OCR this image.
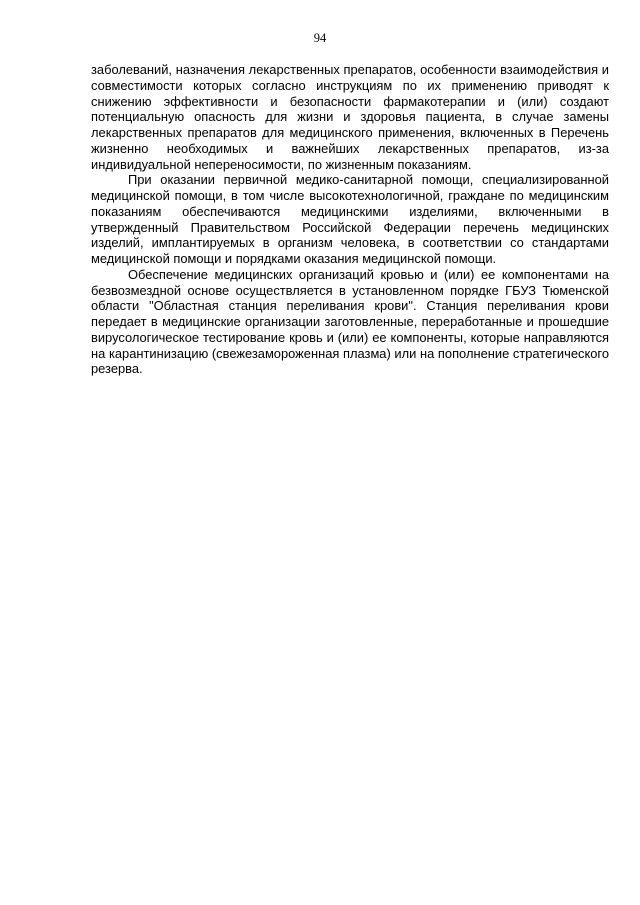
94

заболеваний, назначения лекарственных препаратов, особенности взаимодействия и совместимости которых согласно инструкциям по их применению приводят к снижению эффективности и безопасности фармакотерапии и (или) создают потенциальную опасность для жизни и здоровья пациента, в случае замены лекарственных препаратов для медицинского применения, включенных в Перечень жизненно необходимых и важнейших лекарственных препаратов, из-за индивидуальной непереносимости, по жизненным показаниям.

При оказании первичной медико-санитарной помощи, специализированной медицинской помощи, в том числе высокотехнологичной, граждане по медицинским показаниям обеспечиваются медицинскими изделиями, включенными в утвержденный Правительством Российской Федерации перечень медицинских изделий, имплантируемых в организм человека, в соответствии со стандартами медицинской помощи и порядками оказания медицинской помощи.

Обеспечение медицинских организаций кровью и (или) ее компонентами на безвозмездной основе осуществляется в установленном порядке ГБУЗ Тюменской области "Областная станция переливания крови". Станция переливания крови передает в медицинские организации заготовленные, переработанные и прошедшие вирусологическое тестирование кровь и (или) ее компоненты, которые направляются на карантинизацию (свежезамороженная плазма) или на пополнение стратегического резерва.
